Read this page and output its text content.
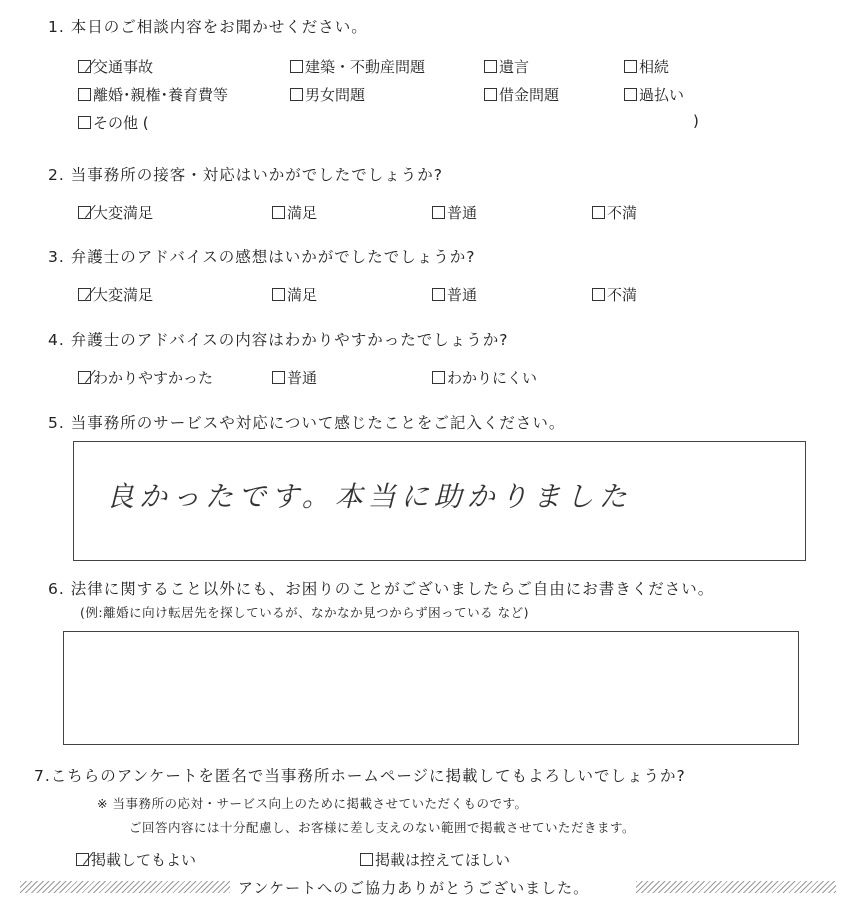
1. 本日のご相談内容をお聞かせください。
交通事故	建築・不動産問題	遺言	相続
離婚･親権･養育費等	男女問題	借金問題	過払い
その他 (	)
2. 当事務所の接客・対応はいかがでしたでしょうか?
大変満足	満足	普通	不満
3. 弁護士のアドバイスの感想はいかがでしたでしょうか?
大変満足	満足	普通	不満
4. 弁護士のアドバイスの内容はわかりやすかったでしょうか?
わかりやすかった	普通	わかりにくい
5. 当事務所のサービスや対応について感じたことをご記入ください。
良かったです。本当に助かりました
6. 法律に関すること以外にも、お困りのことがございましたらご自由にお書きください。
(例:離婚に向け転居先を探しているが、なかなか見つからず困っている など)
7.こちらのアンケートを匿名で当事務所ホームページに掲載してもよろしいでしょうか?
※ 当事務所の応対・サービス向上のために掲載させていただくものです。
ご回答内容には十分配慮し、お客様に差し支えのない範囲で掲載させていただきます。
掲載してもよい	掲載は控えてほしい
アンケートへのご協力ありがとうございました。
